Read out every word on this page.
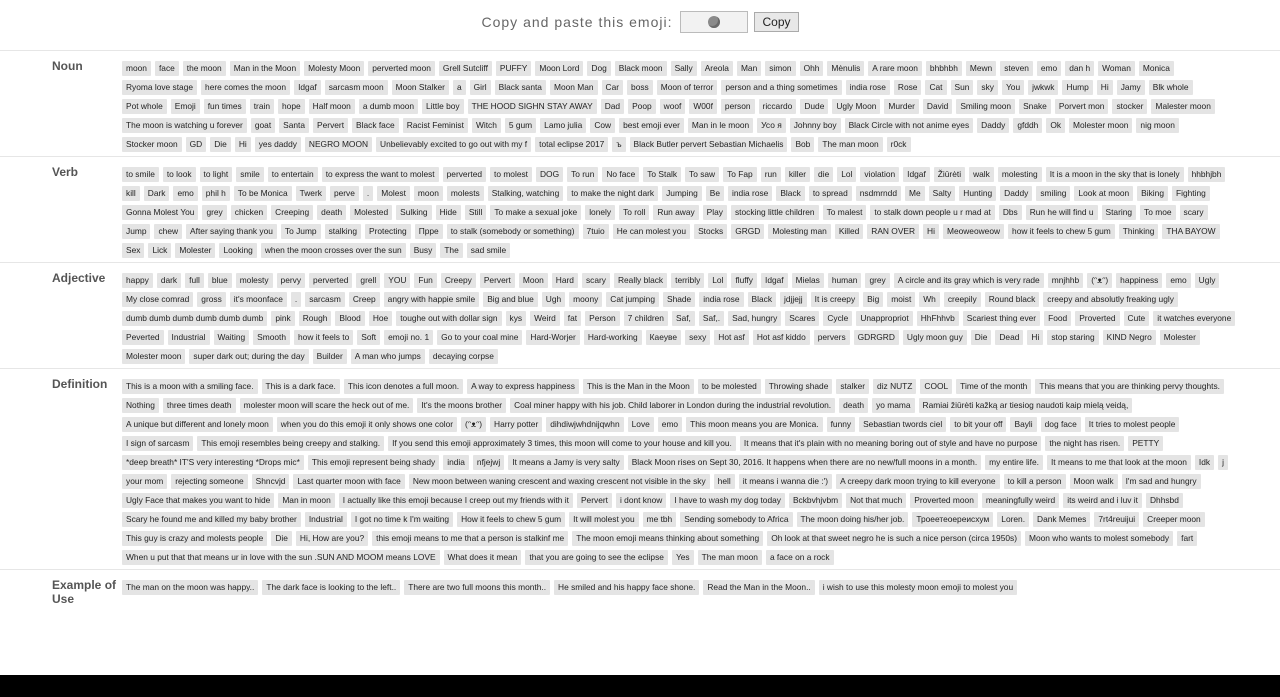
Copy and paste this emoji:	Copy
Noun	moon	face	the moon	Man in the Moon	Molesty Moon	perverted moon	Grell Sutcliff	PUFFY	Moon Lord	Dog	Black moon	Sally	Areola	Man	simon	Ohh	Mėnulis	A rare moon	bhbhbh	Mewn	steven	emo	dan h	Woman	Monica
Ryoma love stage	here comes the moon	Idgaf	sarcasm moon	Moon Stalker	a	Girl	Black santa	Moon Man	Car	boss	Moon of terror	person and a thing sometimes	india rose	Rose	Cat	Sun	sky	You	jwkwk	Hump	Hi	Jamy	Blk whole
Pot whole	Emoji	fun times	train	hope	Half moon	a dumb moon	Little boy	THE HOOD SIGHN STAY AWAY	Dad	Poop	woof	W00f	person	riccardo	Dude	Ugly Moon	Murder	David	Smiling moon	Snake	Porvert mon	stocker	Malester moon
The moon is watching u forever	goat	Santa	Pervert	Black face	Racist Feminist	Witch	5 gum	Lamo julia	Cow	best emoji ever	Man in le moon	Усо я	Johnny boy	Black Circle with not anime eyes	Daddy	gfddh	Ok	Molester moon	nig moon
Stocker moon	GD	Die	Hi	yes daddy	NEGRO MOON	Unbelievably excited to go out with my f	total eclipse 2017	ъ	Black Butler pervert Sebastian Michaelis	Bob	The man moon	r0ck
Verb	to smile	to look	to light	smile	to entertain	to express the want to molest	perverted	to molest	DOG	To run	No face	To Stalk	To saw	To Fap	run	killer	die	Lol	violation	Idgaf	Žiūrėti	walk	molesting	It is a moon in the sky that is lonely	hhbhjbh
kill	Dark	emo	phil h	To be Monica	Twerk	perve	.	Molest	moon	molests	Stalking, watching	to make the night dark	Jumping	Be	india rose	Black	to spread	nsdmrndd	Me	Salty	Hunting	Daddy	smiling	Look at moon	Biking	Fighting
Gonna Molest You	grey	chicken	Creeping	death	Molested	Sulking	Hide	Still	To make a sexual joke	lonely	To roll	Run away	Play	stocking little children	To malest	to stalk down people u r mad at	Dbs	Run he will find u	Staring	To moe	scary
Jump	chew	After saying thank you	To Jump	stalking	Protecting	Пpре	to stalk (somebody or something)	7tuio	He can molest you	Stocks	GRGD	Molesting man	Killed	RAN OVER	Hi	Meoweoweow	how it feels to chew 5 gum	Thinking	THA BAYOW
Sex	Lick	Molester	Looking	when the moon crosses over the sun	Busy	The	sad smile
Adjective	happy	dark	full	blue	molesty	pervy	perverted	grell	YOU	Fun	Creepy	Pervert	Moon	Hard	scary	Really black	terribly	Lol	fluffy	Idgaf	Mielas	human	grey	A circle and its gray which is very rade	mnjhhb	(ᵔᴥᵔ)	happiness	emo	Ugly
My close comrad	gross	it's moonface	.	sarcasm	Creep	angry with happie smile	Big and blue	Ugh	moony	Cat jumping	Shade	india rose	Black	jdjjejj	It is creepy	Big	moist	Wh	creepily	Round black	creepy and absolutly freaking ugly
dumb dumb dumb dumb dumb dumb	pink	Rough	Blood	Hoe	toughe out with dollar sign	kys	Weird	fat	Person	7 children	Saf,	Saf,.	Sad, hungry	Scares	Cycle	Unappropriot	HhFhhvb	Scariest thing ever	Food	Proverted	Cute	it watches everyone
Peverted	Industrial	Waiting	Smooth	how it feels to	Soft	emoji no. 1	Go to your coal mine	Hard-Worjer	Hard-working	Каeуве	sexy	Hot asf	Hot asf kiddo	pervers	GDRGRD	Ugly moon guy	Die	Dead	Hi	stop staring	KIND Negro	Molester
Molester moon	super dark out; during the day	Builder	A man who jumps	decaying corpse
Definition	This is a moon with a smiling face.	This is a dark face.	This icon denotes a full moon.	A way to express happiness	This is the Man in the Moon	to be molested	Throwing shade	stalker	diz NUTZ	COOL	Time of the month	This means that you are thinking pervy thoughts.
Nothing	three times death	molester moon will scare the heck out of me.	It's the moons brother	Coal miner happy with his job. Child laborer in London during the industrial revolution.	death	yo mama	Ramiai žiūrėti kažką ar tiesiog naudoti kaip mielą veidą,
A unique but different and lonely moon	when you do this emoji it only shows one color	(ᵔᴥᵔ)	Harry potter	dihdiwjwhdnijqwhn	Love	emo	This moon means you are Monica.	funny	Sebastian twords ciel	to bit your off	Bayli	dog face	It tries to molest people
I sign of sarcasm	This emoji resembles being creepy and stalking.	If you send this emoji approximately 3 times, this moon will come to your house and kill you.	It means that it's plain with no meaning boring out of style and have no purpose	the night has risen.	PETTY
*deep breath* IT'S very interesting *Drops mic*	This emoji represent being shady	india	nfjejwj	It means a Jamy is very salty	Black Moon rises on Sept 30, 2016. It happens when there are no new/full moons in a month.	my entire life.	It means to me that look at the moon	Idk	j
your mom	rejecting someone	Shncvjd	Last quarter moon with face	New moon between waning crescent and waxing crescent not visible in the sky	hell	it means i wanna die :')	A creepy dark moon trying to kill everyone	to kill a person	Moon walk	I'm sad and hungry
Ugly Face that makes you want to hide	Man in moon	I actually like this emoji because I creep out my friends with it	Pervert	i dont know	I have to wash my dog today	Bckbvhjvbm	Not that much	Proverted moon	meaningfully weird	its weird and i luv it	Dhhsbd
Scary he found me and killed my baby brother	Industrial	I got no time k I'm waiting	How it feels to chew 5 gum	It will molest you	me tbh	Sending somebody to Africa	The moon doing his/her job.	Троеетеоерeисхум	Loren.	Dank Memes	7rt4reuijui	Creeper moon
This guy is crazy and molests people	Die	Hi, How are you?	this emoji means to me that a person is stalkinf me	The moon emoji means thinking about something	Oh look at that sweet negro he is such a nice person (circa 1950s)	Moon who wants to molest somebody	fart
When u put that that means ur in love with the sun .SUN AND MOOM means LOVE	What does it mean	that you are going to see the eclipse	Yes	The man moon	a face on a rock
Example of Use
The man on the moon was happy..	The dark face is looking to the left..	There are two full moons this month..	He smiled and his happy face shone.	Read the Man in the Moon..	i wish to use this molesty moon emoji to molest you
